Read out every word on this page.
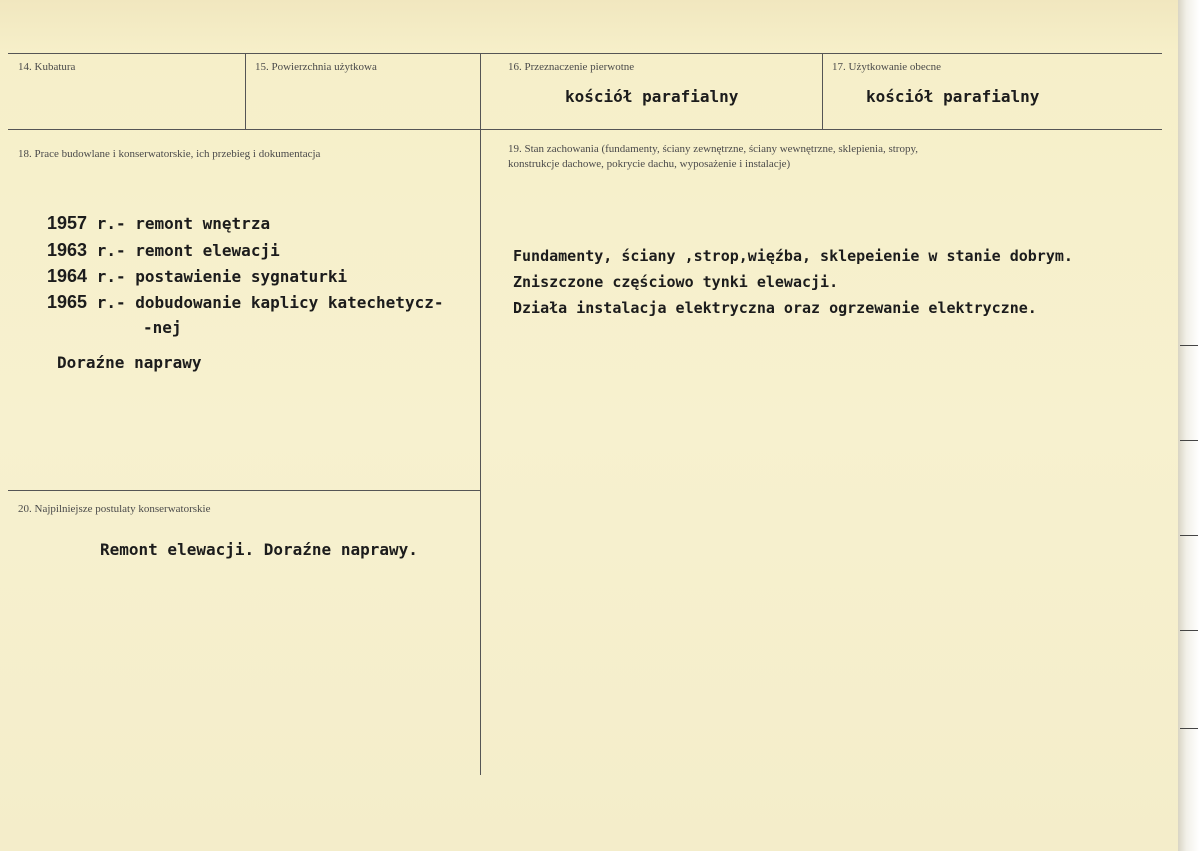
14. Kubatura	15. Powierzchnia użytkowa	16. Przeznaczenie pierwotne
kościół parafialny
17. Użytkowanie obecne
kościół parafialny
18. Prace budowlane i konserwatorskie, ich przebieg i dokumentacja
1957 r.- remont wnętrza
1963 r.- remont elewacji
1964 r.- postawienie sygnaturki
1965 r.- dobudowanie kaplicy katechetycz-
-nej
Doraźne naprawy
19. Stan zachowania (fundamenty, ściany zewnętrzne, ściany wewnętrzne, sklepienia, stropy,
konstrukcje dachowe, pokrycie dachu, wyposażenie i instalacje)
Fundamenty, ściany ,strop,więźba, sklepeienie w stanie dobrym.
Zniszczone częściowo tynki elewacji.
Działa instalacja elektryczna oraz ogrzewanie elektryczne.
20. Najpilniejsze postulaty konserwatorskie
Remont elewacji. Doraźne naprawy.
